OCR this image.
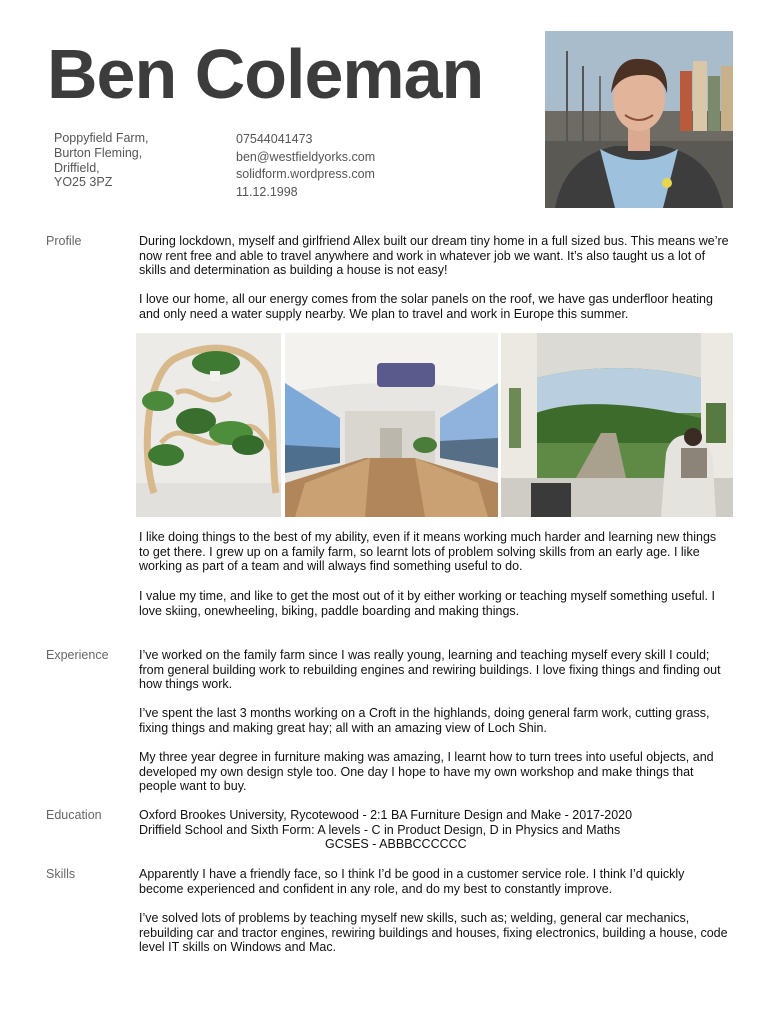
Ben Coleman
Poppyfield Farm,
Burton Fleming,
Driffield,
YO25 3PZ
07544041473
ben@westfieldyorks.com
solidform.wordpress.com
11.12.1998
Profile	During lockdown, myself and girlfriend Allex built our dream tiny home in a full sized bus. This means we’re now rent free and able to travel anywhere and work in whatever job we want. It’s also taught us a lot of skills and determination as building a house is not easy!

I love our home, all our energy comes from the solar panels on the roof, we have gas underfloor heating and only need a water supply nearby. We plan to travel and work in Europe this summer.

I like doing things to the best of my ability, even if it means working much harder and learning new things to get there. I grew up on a family farm, so learnt lots of problem solving skills from an early age. I like working as part of a team and will always find something useful to do.

I value my time, and like to get the most out of it by either working or teaching myself something useful. I love skiing, onewheeling, biking, paddle boarding and making things.

Experience I’ve worked on the family farm since I was really young, learning and teaching myself every skill I could; from general building work to rebuilding engines and rewiring buildings. I love fixing things and finding out how things work.

I’ve spent the last 3 months working on a Croft in the highlands, doing general farm work, cutting grass, fixing things and making great hay; all with an amazing view of Loch Shin.

My three year degree in furniture making was amazing, I learnt how to turn trees into useful objects, and developed my own design style too. One day I hope to have my own workshop and make things that people want to buy.

Education	Oxford Brookes University, Rycotewood - 2:1 BA Furniture Design and Make - 2017-2020
Driffield School and Sixth Form: A levels - C in Product Design, D in Physics and Maths
GCSES - ABBBCCCCCC
Skills	Apparently I have a friendly face, so I think I’d be good in a customer service role. I think I’d quickly become experienced and confident in any role, and do my best to constantly improve.

I’ve solved lots of problems by teaching myself new skills, such as; welding, general car mechanics, rebuilding car and tractor engines, rewiring buildings and houses, fixing electronics, building a house, code level IT skills on Windows and Mac.
